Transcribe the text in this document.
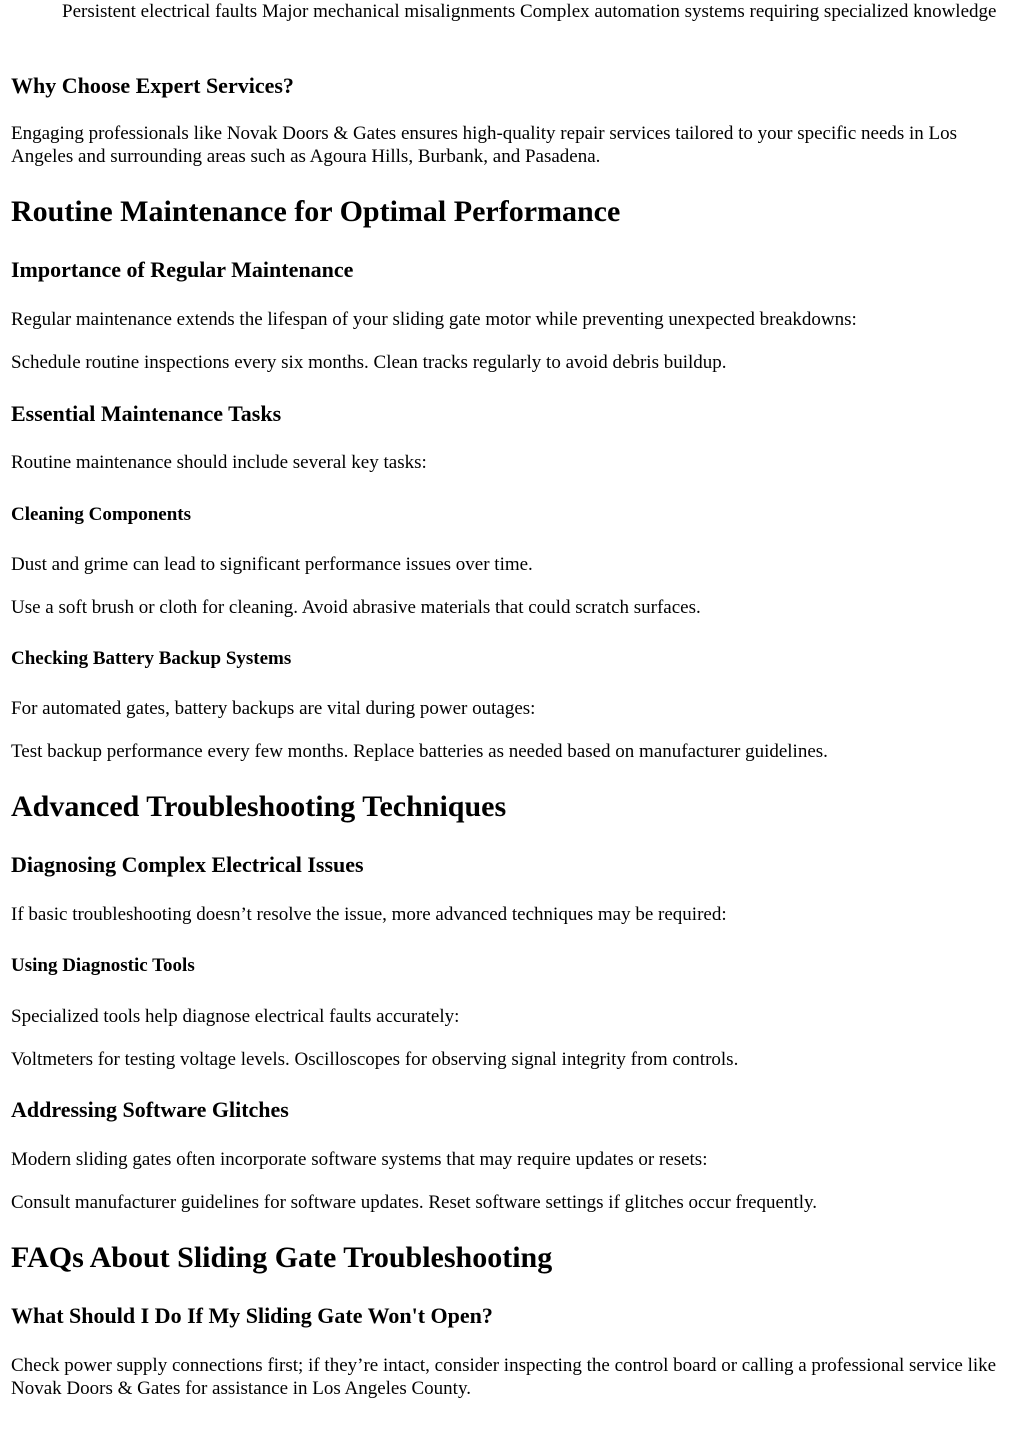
Persistent electrical faults Major mechanical misalignments Complex automation systems requiring specialized knowledge
Why Choose Expert Services?

Engaging professionals like Novak Doors & Gates ensures high-quality repair services tailored to your specific needs in Los Angeles and surrounding areas such as Agoura Hills, Burbank, and Pasadena.

Routine Maintenance for Optimal Performance
Importance of Regular Maintenance

Regular maintenance extends the lifespan of your sliding gate motor while preventing unexpected breakdowns:

Schedule routine inspections every six months. Clean tracks regularly to avoid debris buildup.

Essential Maintenance Tasks

Routine maintenance should include several key tasks:

Cleaning Components

Dust and grime can lead to significant performance issues over time.

Use a soft brush or cloth for cleaning. Avoid abrasive materials that could scratch surfaces.

Checking Battery Backup Systems

For automated gates, battery backups are vital during power outages:

Test backup performance every few months. Replace batteries as needed based on manufacturer guidelines.

Advanced Troubleshooting Techniques
Diagnosing Complex Electrical Issues

If basic troubleshooting doesn’t resolve the issue, more advanced techniques may be required:

Using Diagnostic Tools

Specialized tools help diagnose electrical faults accurately:

Voltmeters for testing voltage levels. Oscilloscopes for observing signal integrity from controls.

Addressing Software Glitches

Modern sliding gates often incorporate software systems that may require updates or resets:

Consult manufacturer guidelines for software updates. Reset software settings if glitches occur frequently.

FAQs About Sliding Gate Troubleshooting
What Should I Do If My Sliding Gate Won't Open?

Check power supply connections first; if they’re intact, consider inspecting the control board or calling a professional service like Novak Doors & Gates for assistance in Los Angeles County.
